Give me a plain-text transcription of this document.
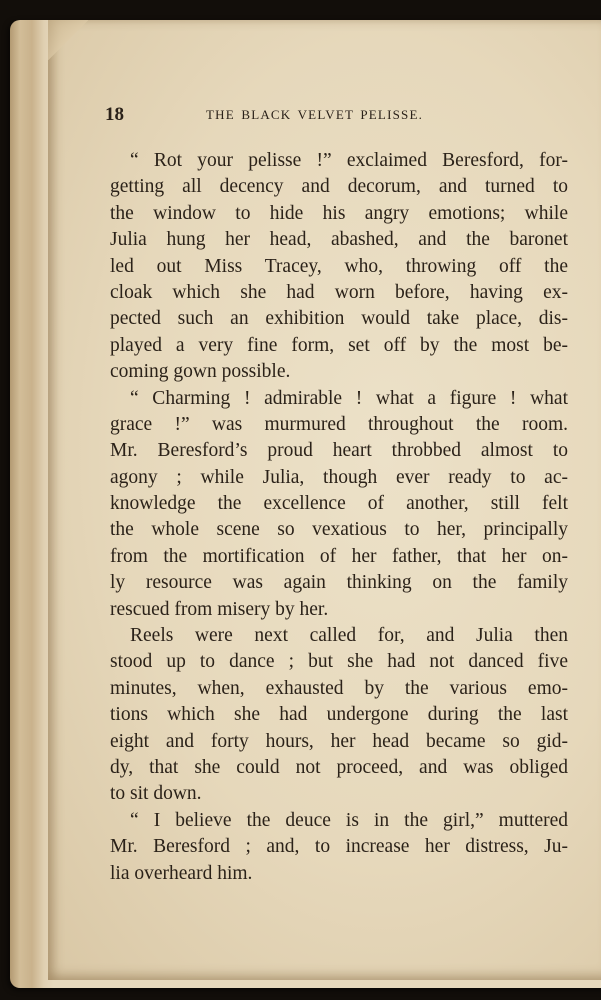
18	THE BLACK VELVET PELISSE.
“ Rot your pelisse !” exclaimed Beresford, for-
getting all decency and decorum, and turned to
the window to hide his angry emotions; while
Julia hung her head, abashed, and the baronet
led out Miss Tracey, who, throwing off the
cloak which she had worn before, having ex-
pected such an exhibition would take place, dis-
played a very fine form, set off by the most be-
coming gown possible.
“ Charming ! admirable ! what a figure ! what
grace !” was murmured throughout the room.
Mr. Beresford’s proud heart throbbed almost to
agony ; while Julia, though ever ready to ac-
knowledge the excellence of another, still felt
the whole scene so vexatious to her, principally
from the mortification of her father, that her on-
ly resource was again thinking on the family
rescued from misery by her.
Reels were next called for, and Julia then
stood up to dance ; but she had not danced five
minutes, when, exhausted by the various emo-
tions which she had undergone during the last
eight and forty hours, her head became so gid-
dy, that she could not proceed, and was obliged
to sit down.
“ I believe the deuce is in the girl,” muttered
Mr. Beresford ; and, to increase her distress, Ju-
lia overheard him.
